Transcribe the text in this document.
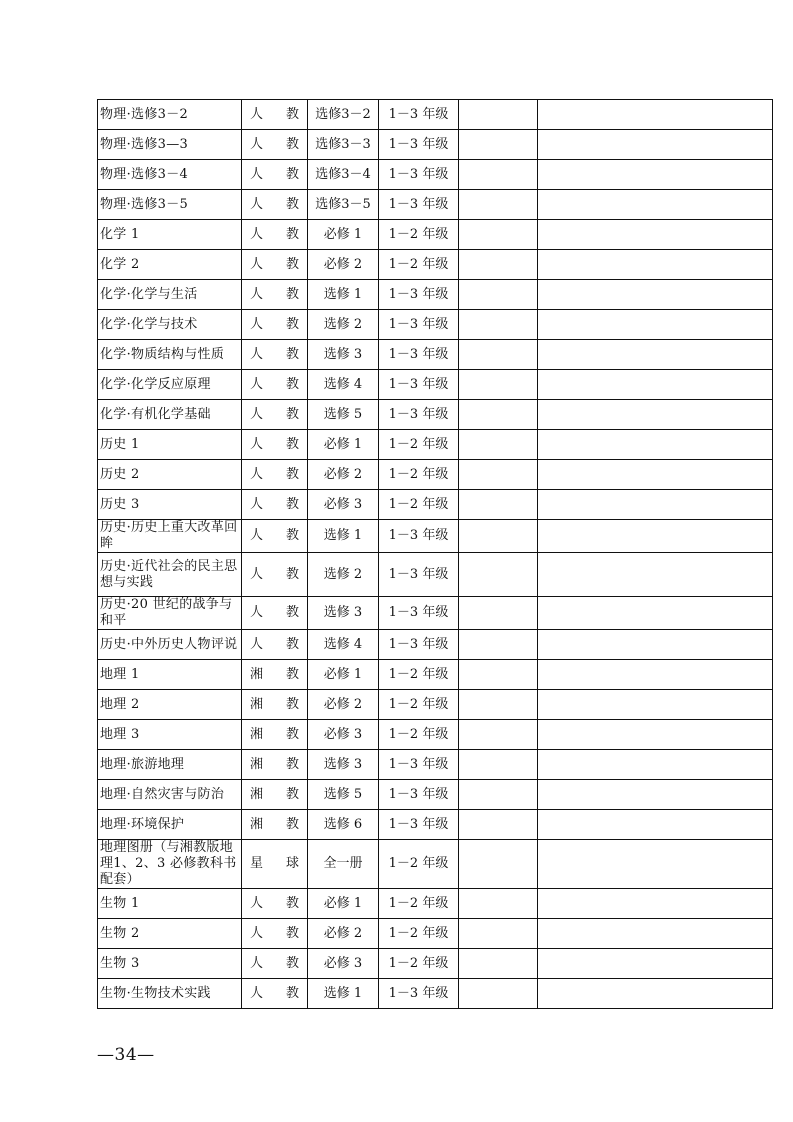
物理·选修3－2	人 教	选修3－2	1－3 年级		
物理·选修3—3	人 教	选修3－3	1－3 年级		
物理·选修3－4	人 教	选修3－4	1－3 年级		
物理·选修3－5	人 教	选修3－5	1－3 年级		
化学 1	人 教	必修 1	1－2 年级		
化学 2	人 教	必修 2	1－2 年级		
化学·化学与生活	人 教	选修 1	1－3 年级		
化学·化学与技术	人 教	选修 2	1－3 年级		
化学·物质结构与性质	人 教	选修 3	1－3 年级		
化学·化学反应原理	人 教	选修 4	1－3 年级		
化学·有机化学基础	人 教	选修 5	1－3 年级		
历史 1	人 教	必修 1	1－2 年级		
历史 2	人 教	必修 2	1－2 年级		
历史 3	人 教	必修 3	1－2 年级		
历史·历史上重大改革回眸	人 教	选修 1	1－3 年级		
历史·近代社会的民主思想与实践	人 教	选修 2	1－3 年级		
历史·20 世纪的战争与和平	人 教	选修 3	1－3 年级		
历史·中外历史人物评说	人 教	选修 4	1－3 年级		
地理 1	湘 教	必修 1	1－2 年级		
地理 2	湘 教	必修 2	1－2 年级		
地理 3	湘 教	必修 3	1－2 年级		
地理·旅游地理	湘 教	选修 3	1－3 年级		
地理·自然灾害与防治	湘 教	选修 5	1－3 年级		
地理·环境保护	湘 教	选修 6	1－3 年级		
地理图册（与湘教版地理1、2、3 必修教科书配套）	星 球	全一册	1－2 年级		
生物 1	人 教	必修 1	1－2 年级		
生物 2	人 教	必修 2	1－2 年级		
生物 3	人 教	必修 3	1－2 年级		
生物·生物技术实践	人 教	选修 1	1－3 年级		
—34—
